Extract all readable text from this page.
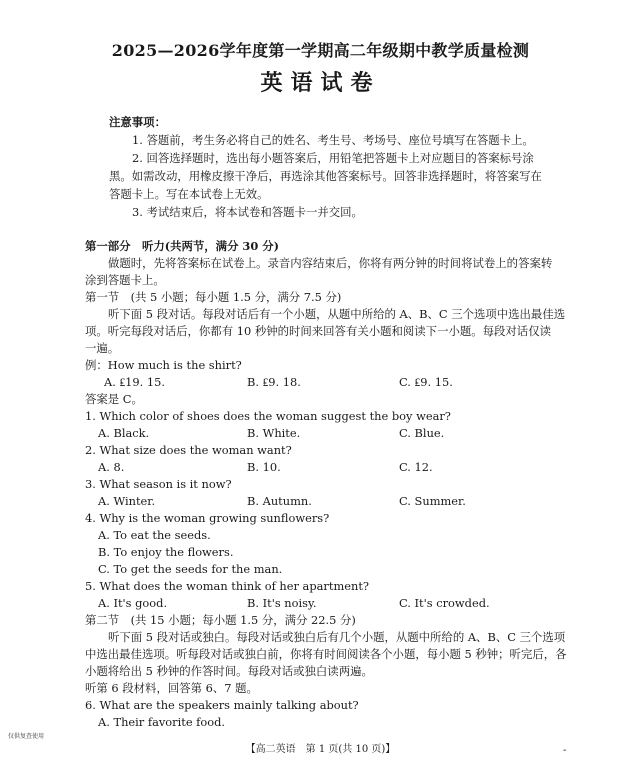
2025—2026学年度第一学期高二年级期中教学质量检测
英语试卷
注意事项：
1. 答题前，考生务必将自己的姓名、考生号、考场号、座位号填写在答题卡上。
2. 回答选择题时，选出每小题答案后，用铅笔把答题卡上对应题目的答案标号涂
黑。如需改动，用橡皮擦干净后，再选涂其他答案标号。回答非选择题时，将答案写在
答题卡上。写在本试卷上无效。
3. 考试结束后，将本试卷和答题卡一并交回。
第一部分　听力(共两节，满分 30 分)
做题时，先将答案标在试卷上。录音内容结束后，你将有两分钟的时间将试卷上的答案转
涂到答题卡上。
第一节　(共 5 小题；每小题 1.5 分，满分 7.5 分)
听下面 5 段对话。每段对话后有一个小题，从题中所给的 A、B、C 三个选项中选出最佳选
项。听完每段对话后，你都有 10 秒钟的时间来回答有关小题和阅读下一小题。每段对话仅读
一遍。
例：How much is the shirt?
A. ₤19. 15.	B. ₤9. 18.	C. ₤9. 15.
答案是 C。
1. Which color of shoes does the woman suggest the boy wear?
A. Black.	B. White.	C. Blue.
2. What size does the woman want?
A. 8.	B. 10.	C. 12.
3. What season is it now?
A. Winter.	B. Autumn.	C. Summer.
4. Why is the woman growing sunflowers?
A. To eat the seeds.
B. To enjoy the flowers.
C. To get the seeds for the man.
5. What does the woman think of her apartment?
A. It's good.	B. It's noisy.	C. It's crowded.
第二节　(共 15 小题；每小题 1.5 分，满分 22.5 分)
听下面 5 段对话或独白。每段对话或独白后有几个小题，从题中所给的 A、B、C 三个选项
中选出最佳选项。听每段对话或独白前，你将有时间阅读各个小题，每小题 5 秒钟；听完后，各
小题将给出 5 秒钟的作答时间。每段对话或独白读两遍。
听第 6 段材料，回答第 6、7 题。
6. What are the speakers mainly talking about?
A. Their favorite food.
仅供复查使用
【高二英语　第 1 页(共 10 页)】	-
